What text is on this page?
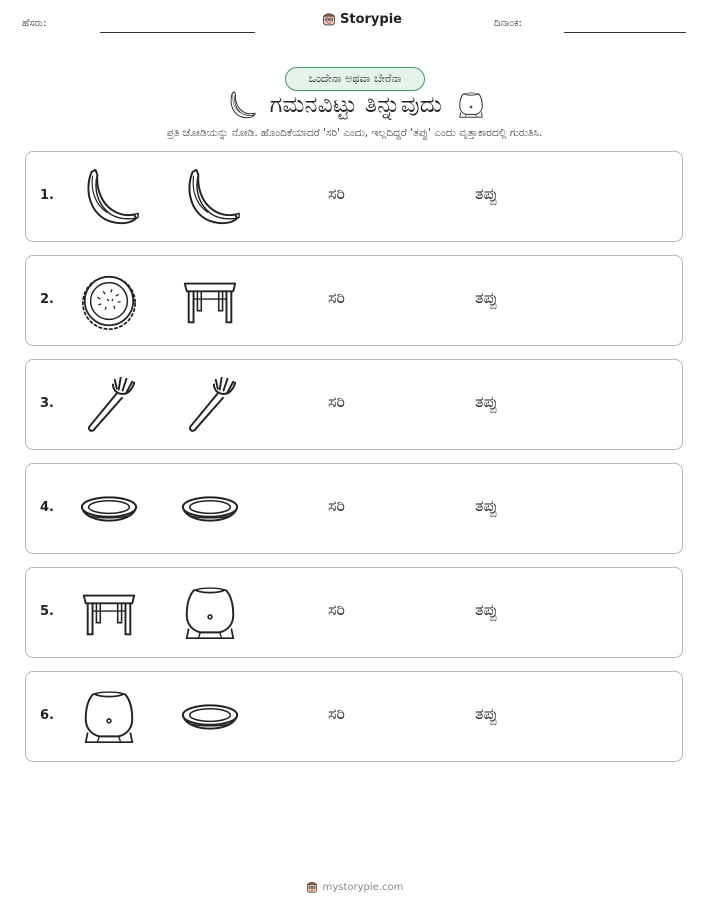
ಹೆಸರು:	Storypie	ದಿನಾಂಕ:
ಒಂದೇನಾ ಅಥವಾ ಬೇರೆನಾ
ಗಮನವಿಟ್ಟು ತಿನ್ನುವುದು
ಪ್ರತಿ ಜೋಡಿಯನ್ನು ನೋಡಿ. ಹೊಂದಿಕೆಯಾದರೆ 'ಸರಿ' ಎಂದು, ಇಲ್ಲದಿದ್ದರೆ 'ತಪ್ಪು' ಎಂದು ವೃತ್ತಾಕಾರದಲ್ಲಿ ಗುರುತಿಸಿ.
1.	ಸರಿ	ತಪ್ಪು
2.	ಸರಿ	ತಪ್ಪು
3.	ಸರಿ	ತಪ್ಪು
4.	ಸರಿ	ತಪ್ಪು
5.	ಸರಿ	ತಪ್ಪು
6.	ಸರಿ	ತಪ್ಪು
mystorypie.com
